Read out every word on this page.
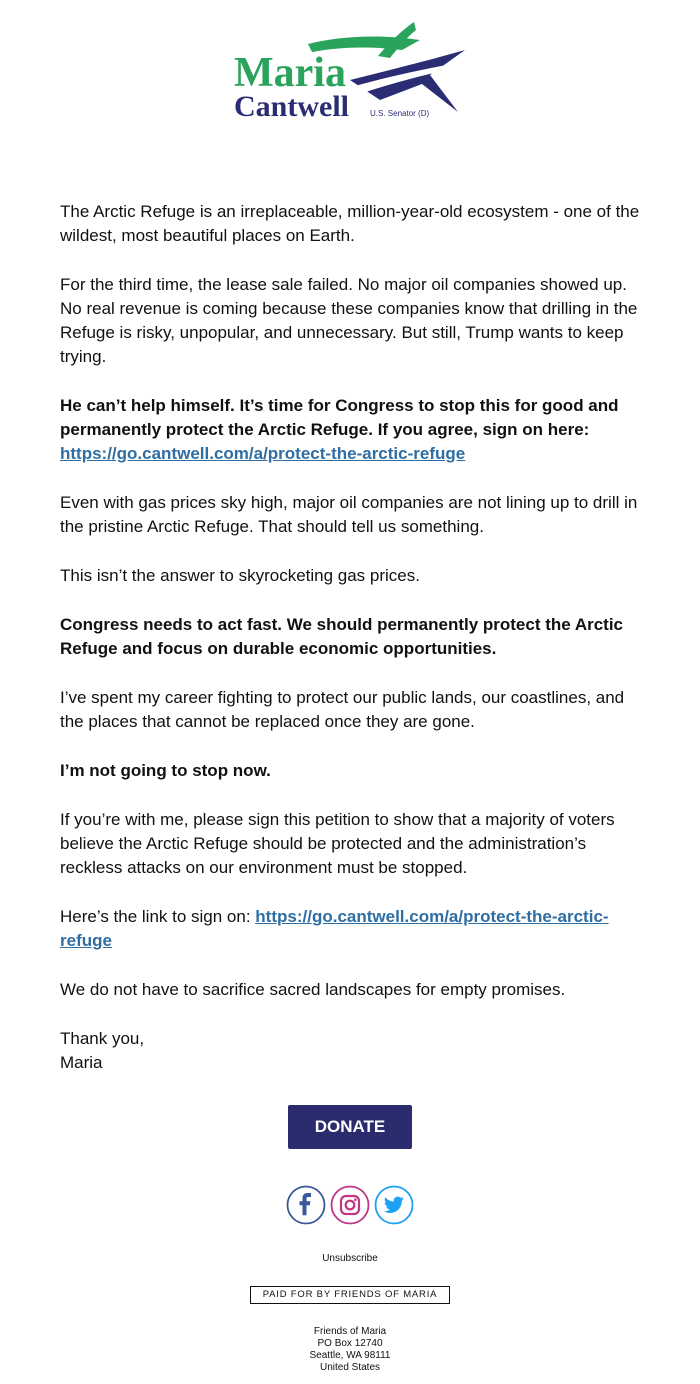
Maria
Cantwell	U.S. Senator (D)

The Arctic Refuge is an irreplaceable, million-year-old ecosystem - one of the wildest, most beautiful places on Earth.

For the third time, the lease sale failed. No major oil companies showed up. No real revenue is coming because these companies know that drilling in the Refuge is risky, unpopular, and unnecessary. But still, Trump wants to keep trying.

He can’t help himself. It’s time for Congress to stop this for good and permanently protect the Arctic Refuge. If you agree, sign on here: https://go.cantwell.com/a/protect-the-arctic-refuge

Even with gas prices sky high, major oil companies are not lining up to drill in the pristine Arctic Refuge. That should tell us something.

This isn’t the answer to skyrocketing gas prices.

Congress needs to act fast. We should permanently protect the Arctic Refuge and focus on durable economic opportunities.

I’ve spent my career fighting to protect our public lands, our coastlines, and the places that cannot be replaced once they are gone.

I’m not going to stop now.

If you’re with me, please sign this petition to show that a majority of voters believe the Arctic Refuge should be protected and the administration’s reckless attacks on our environment must be stopped.

Here’s the link to sign on: https://go.cantwell.com/a/protect-the-arctic-refuge

We do not have to sacrifice sacred landscapes for empty promises.

Thank you,
Maria

DONATE
Unsubscribe
PAID FOR BY FRIENDS OF MARIA
Friends of Maria
PO Box 12740
Seattle, WA 98111
United States
